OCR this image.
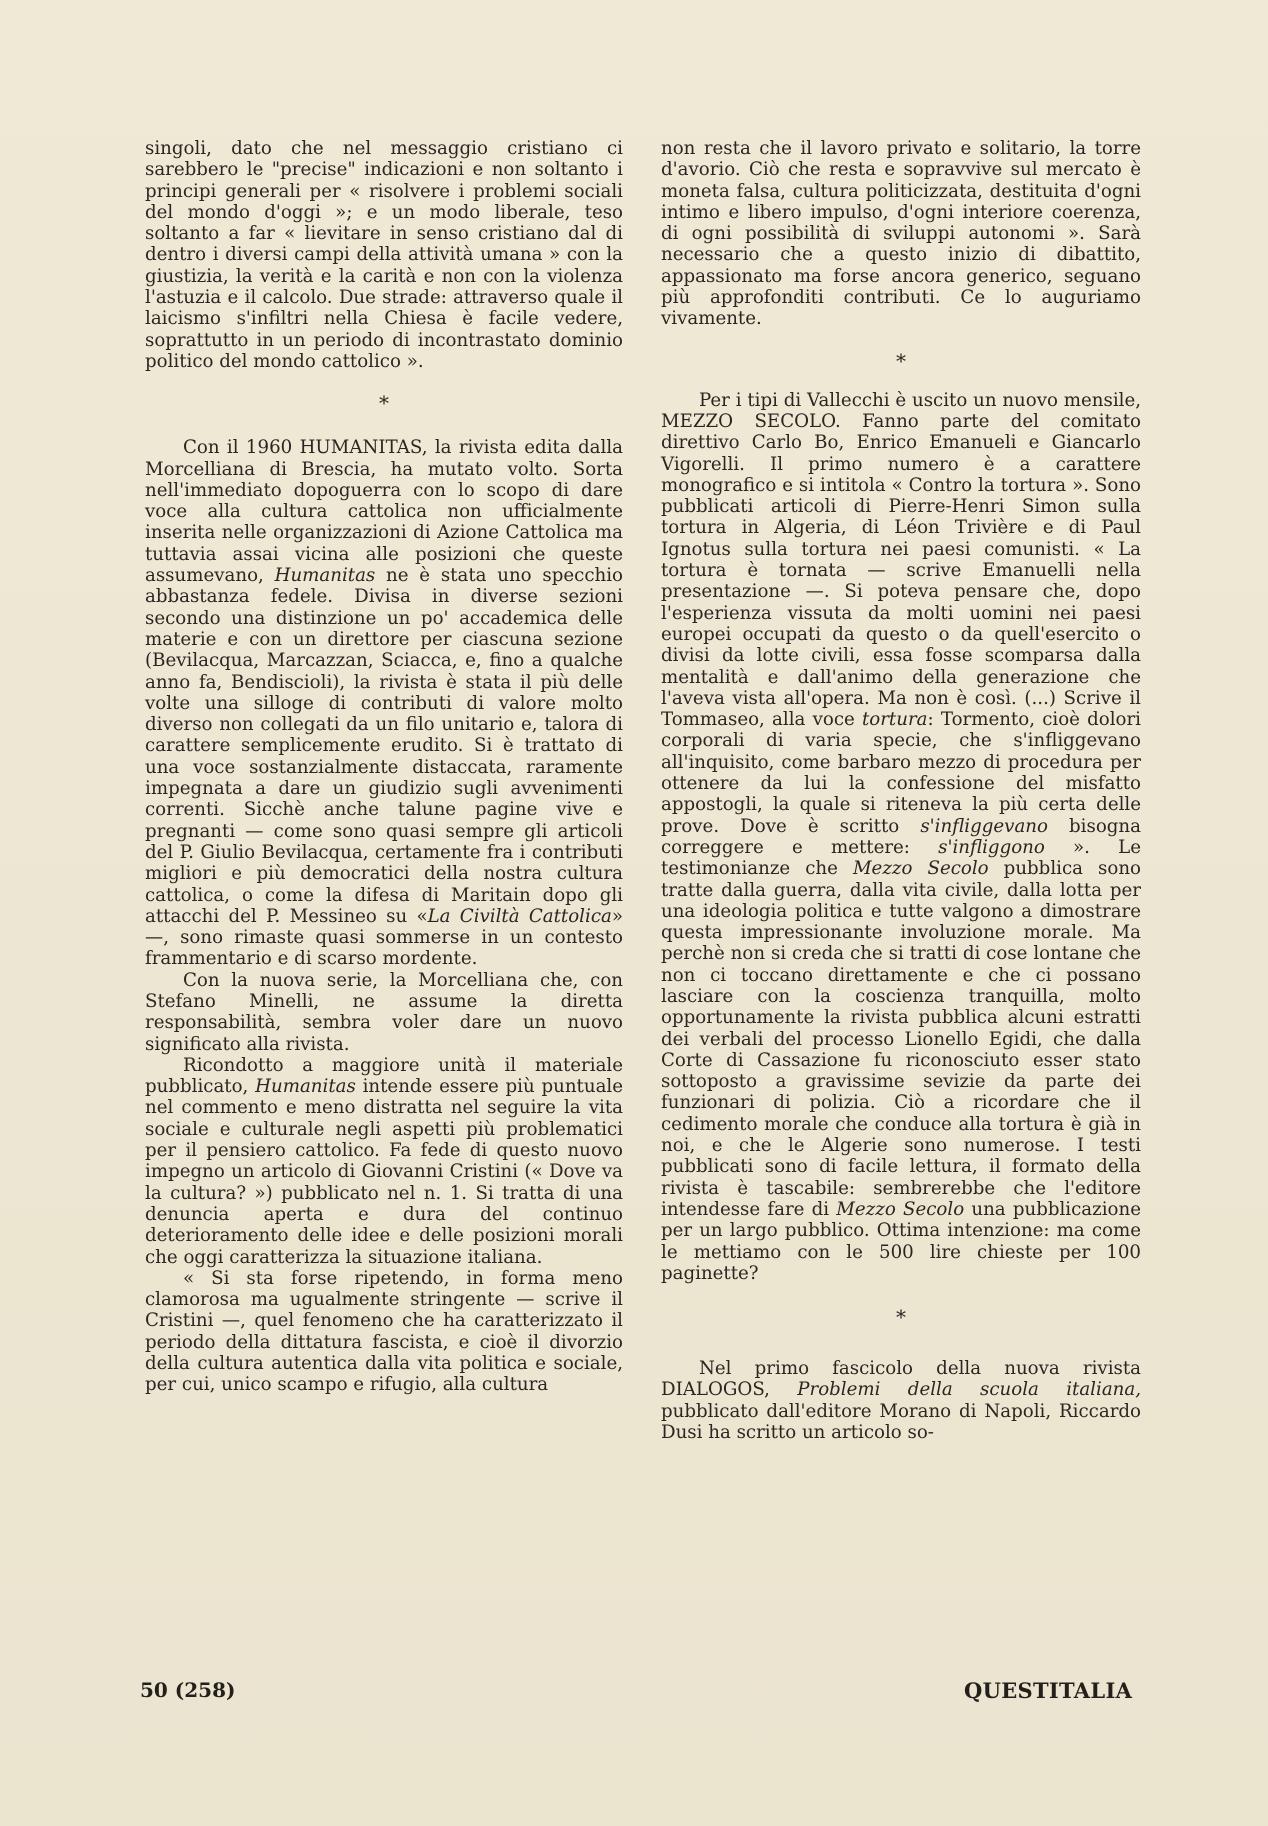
singoli, dato che nel messaggio cristiano ci sarebbero le "precise" indicazioni e non soltanto i principi generali per « risolvere i problemi sociali del mondo d'oggi »; e un modo liberale, teso soltanto a far « lievitare in senso cristiano dal di dentro i diversi campi della attività umana » con la giustizia, la verità e la carità e non con la violenza l'astuzia e il calcolo. Due strade: attraverso quale il laicismo s'infiltri nella Chiesa è facile vedere, soprattutto in un periodo di incontrastato dominio politico del mondo cattolico ».

*

Con il 1960 HUMANITAS, la rivista edita dalla Morcelliana di Brescia, ha mutato volto. Sorta nell'immediato dopoguerra con lo scopo di dare voce alla cultura cattolica non ufficialmente inserita nelle organizzazioni di Azione Cattolica ma tuttavia assai vicina alle posizioni che queste assumevano, Humanitas ne è stata uno specchio abbastanza fedele. Divisa in diverse sezioni secondo una distinzione un po' accademica delle materie e con un direttore per ciascuna sezione (Bevilacqua, Marcazzan, Sciacca, e, fino a qualche anno fa, Bendiscioli), la rivista è stata il più delle volte una silloge di contributi di valore molto diverso non collegati da un filo unitario e, talora di carattere semplicemente erudito. Si è trattato di una voce sostanzialmente distaccata, raramente impegnata a dare un giudizio sugli avvenimenti correnti. Sicchè anche talune pagine vive e pregnanti — come sono quasi sempre gli articoli del P. Giulio Bevilacqua, certamente fra i contributi migliori e più democratici della nostra cultura cattolica, o come la difesa di Maritain dopo gli attacchi del P. Messineo su «La Civiltà Cattolica» —, sono rimaste quasi sommerse in un contesto frammentario e di scarso mordente.

Con la nuova serie, la Morcelliana che, con Stefano Minelli, ne assume la diretta responsabilità, sembra voler dare un nuovo significato alla rivista.

Ricondotto a maggiore unità il materiale pubblicato, Humanitas intende essere più puntuale nel commento e meno distratta nel seguire la vita sociale e culturale negli aspetti più problematici per il pensiero cattolico. Fa fede di questo nuovo impegno un articolo di Giovanni Cristini (« Dove va la cultura? ») pubblicato nel n. 1. Si tratta di una denuncia aperta e dura del continuo deterioramento delle idee e delle posizioni morali che oggi caratterizza la situazione italiana.

« Si sta forse ripetendo, in forma meno clamorosa ma ugualmente stringente — scrive il Cristini —, quel fenomeno che ha caratterizzato il periodo della dittatura fascista, e cioè il divorzio della cultura autentica dalla vita politica e sociale, per cui, unico scampo e rifugio, alla cultura

non resta che il lavoro privato e solitario, la torre d'avorio. Ciò che resta e sopravvive sul mercato è moneta falsa, cultura politicizzata, destituita d'ogni intimo e libero impulso, d'ogni interiore coerenza, di ogni possibilità di sviluppi autonomi ». Sarà necessario che a questo inizio di dibattito, appassionato ma forse ancora generico, seguano più approfonditi contributi. Ce lo auguriamo vivamente.

*

Per i tipi di Vallecchi è uscito un nuovo mensile, MEZZO SECOLO. Fanno parte del comitato direttivo Carlo Bo, Enrico Emanueli e Giancarlo Vigorelli. Il primo numero è a carattere monografico e si intitola « Contro la tortura ». Sono pubblicati articoli di Pierre-Henri Simon sulla tortura in Algeria, di Léon Trivière e di Paul Ignotus sulla tortura nei paesi comunisti. « La tortura è tornata — scrive Emanuelli nella presentazione —. Si poteva pensare che, dopo l'esperienza vissuta da molti uomini nei paesi europei occupati da questo o da quell'esercito o divisi da lotte civili, essa fosse scomparsa dalla mentalità e dall'animo della generazione che l'aveva vista all'opera. Ma non è così. (...) Scrive il Tommaseo, alla voce tortura: Tormento, cioè dolori corporali di varia specie, che s'infliggevano all'inquisito, come barbaro mezzo di procedura per ottenere da lui la confessione del misfatto appostogli, la quale si riteneva la più certa delle prove. Dove è scritto s'infliggevano bisogna correggere e mettere: s'infliggono ». Le testimonianze che Mezzo Secolo pubblica sono tratte dalla guerra, dalla vita civile, dalla lotta per una ideologia politica e tutte valgono a dimostrare questa impressionante involuzione morale. Ma perchè non si creda che si tratti di cose lontane che non ci toccano direttamente e che ci possano lasciare con la coscienza tranquilla, molto opportunamente la rivista pubblica alcuni estratti dei verbali del processo Lionello Egidi, che dalla Corte di Cassazione fu riconosciuto esser stato sottoposto a gravissime sevizie da parte dei funzionari di polizia. Ciò a ricordare che il cedimento morale che conduce alla tortura è già in noi, e che le Algerie sono numerose. I testi pubblicati sono di facile lettura, il formato della rivista è tascabile: sembrerebbe che l'editore intendesse fare di Mezzo Secolo una pubblicazione per un largo pubblico. Ottima intenzione: ma come le mettiamo con le 500 lire chieste per 100 paginette?

*

Nel primo fascicolo della nuova rivista DIALOGOS, Problemi della scuola italiana, pubblicato dall'editore Morano di Napoli, Riccardo Dusi ha scritto un articolo so-

50 (258)	QUESTITALIA
